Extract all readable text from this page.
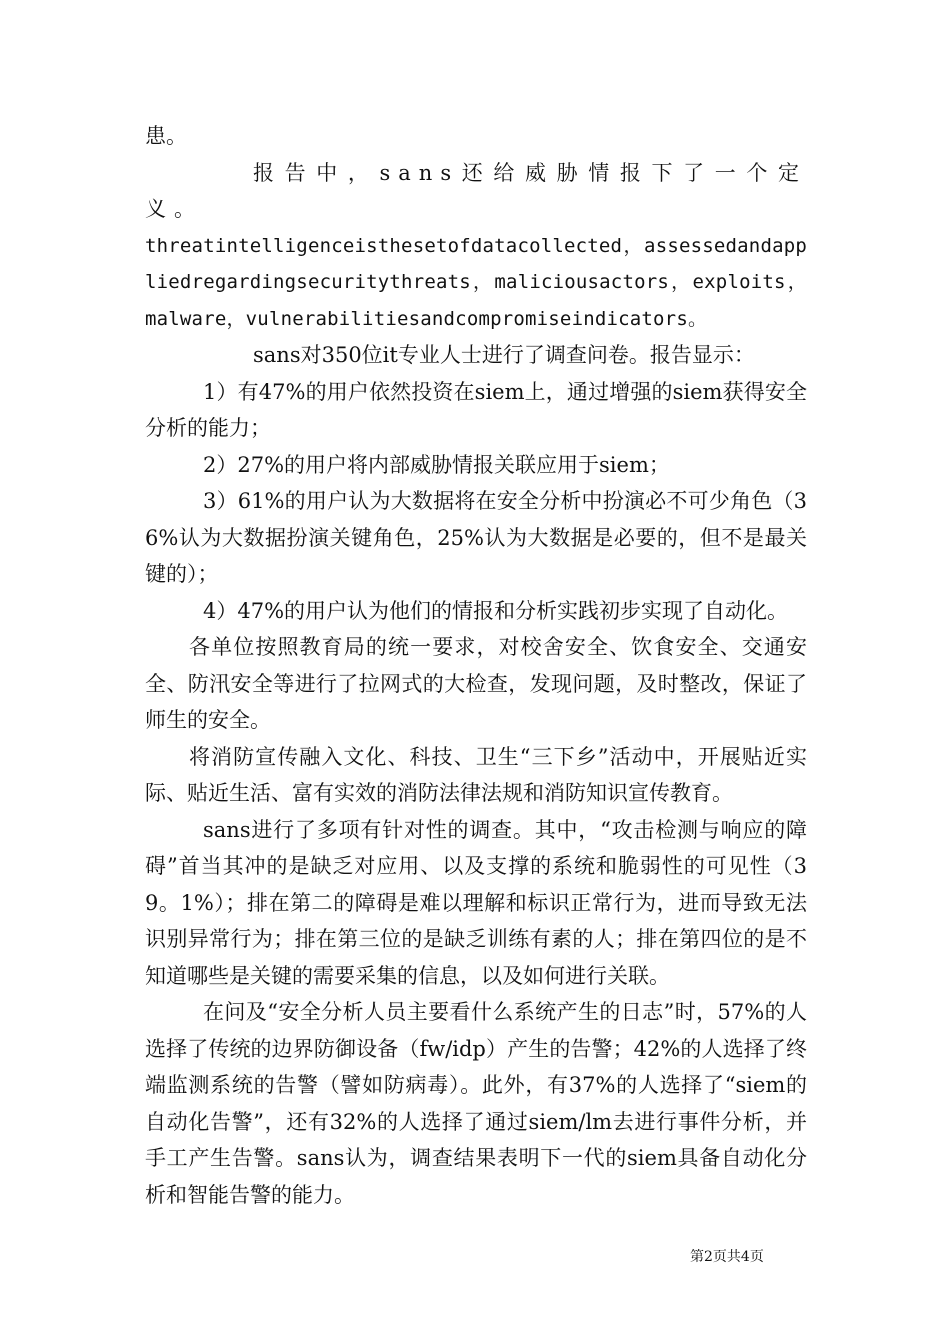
患。

报告中，sans还给威胁情报下了一个定义。

threatintelligenceisthesetofdatacollected，assessedandappliedregardingsecuritythreats，maliciousactors，exploits，malware，vulnerabilitiesandcompromiseindicators。

sans对350位it专业人士进行了调查问卷。报告显示：

1）有47%的用户依然投资在siem上，通过增强的siem获得安全分析的能力；

2）27%的用户将内部威胁情报关联应用于siem；

3）61%的用户认为大数据将在安全分析中扮演必不可少角色（36%认为大数据扮演关键角色，25%认为大数据是必要的，但不是最关键的）；

4）47%的用户认为他们的情报和分析实践初步实现了自动化。

各单位按照教育局的统一要求，对校舍安全、饮食安全、交通安全、防汛安全等进行了拉网式的大检查，发现问题，及时整改，保证了师生的安全。

将消防宣传融入文化、科技、卫生“三下乡”活动中，开展贴近实际、贴近生活、富有实效的消防法律法规和消防知识宣传教育。

sans进行了多项有针对性的调查。其中，“攻击检测与响应的障碍”首当其冲的是缺乏对应用、以及支撑的系统和脆弱性的可见性（39。1%）；排在第二的障碍是难以理解和标识正常行为，进而导致无法识别异常行为；排在第三位的是缺乏训练有素的人；排在第四位的是不知道哪些是关键的需要采集的信息，以及如何进行关联。

在问及“安全分析人员主要看什么系统产生的日志”时，57%的人选择了传统的边界防御设备（fw/idp）产生的告警；42%的人选择了终端监测系统的告警（譬如防病毒）。此外，有37%的人选择了“siem的自动化告警”，还有32%的人选择了通过siem/lm去进行事件分析，并手工产生告警。sans认为，调查结果表明下一代的siem具备自动化分析和智能告警的能力。

第2页共4页
